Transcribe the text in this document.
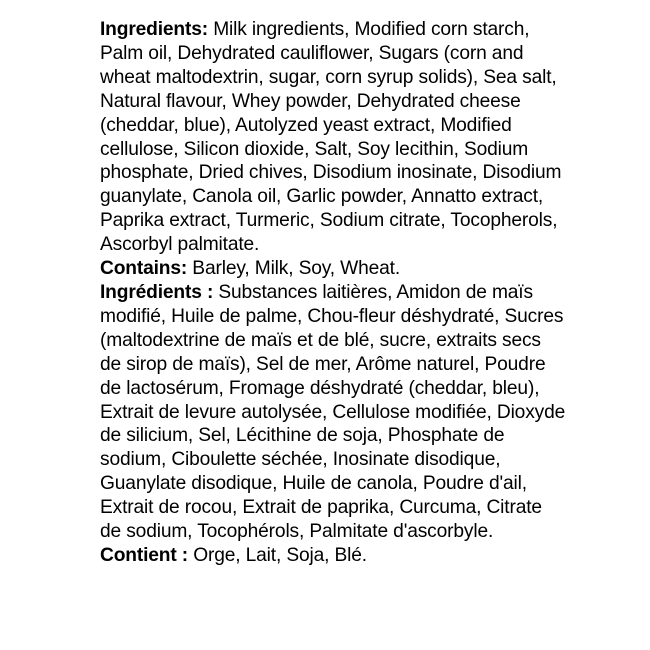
Ingredients: Milk ingredients, Modified corn starch, Palm oil, Dehydrated cauliflower, Sugars (corn and wheat maltodextrin, sugar, corn syrup solids), Sea salt, Natural flavour, Whey powder, Dehydrated cheese (cheddar, blue), Autolyzed yeast extract, Modified cellulose, Silicon dioxide, Salt, Soy lecithin, Sodium phosphate, Dried chives, Disodium inosinate, Disodium guanylate, Canola oil, Garlic powder, Annatto extract, Paprika extract, Turmeric, Sodium citrate, Tocopherols, Ascorbyl palmitate.

Contains: Barley, Milk, Soy, Wheat.

Ingrédients : Substances laitières, Amidon de maïs modifié, Huile de palme, Chou-fleur déshydraté, Sucres (maltodextrine de maïs et de blé, sucre, extraits secs de sirop de maïs), Sel de mer, Arôme naturel, Poudre de lactosérum, Fromage déshydraté (cheddar, bleu), Extrait de levure autolysée, Cellulose modifiée, Dioxyde de silicium, Sel, Lécithine de soja, Phosphate de sodium, Ciboulette séchée, Inosinate disodique, Guanylate disodique, Huile de canola, Poudre d'ail, Extrait de rocou, Extrait de paprika, Curcuma, Citrate de sodium, Tocophérols, Palmitate d'ascorbyle.

Contient : Orge, Lait, Soja, Blé.
